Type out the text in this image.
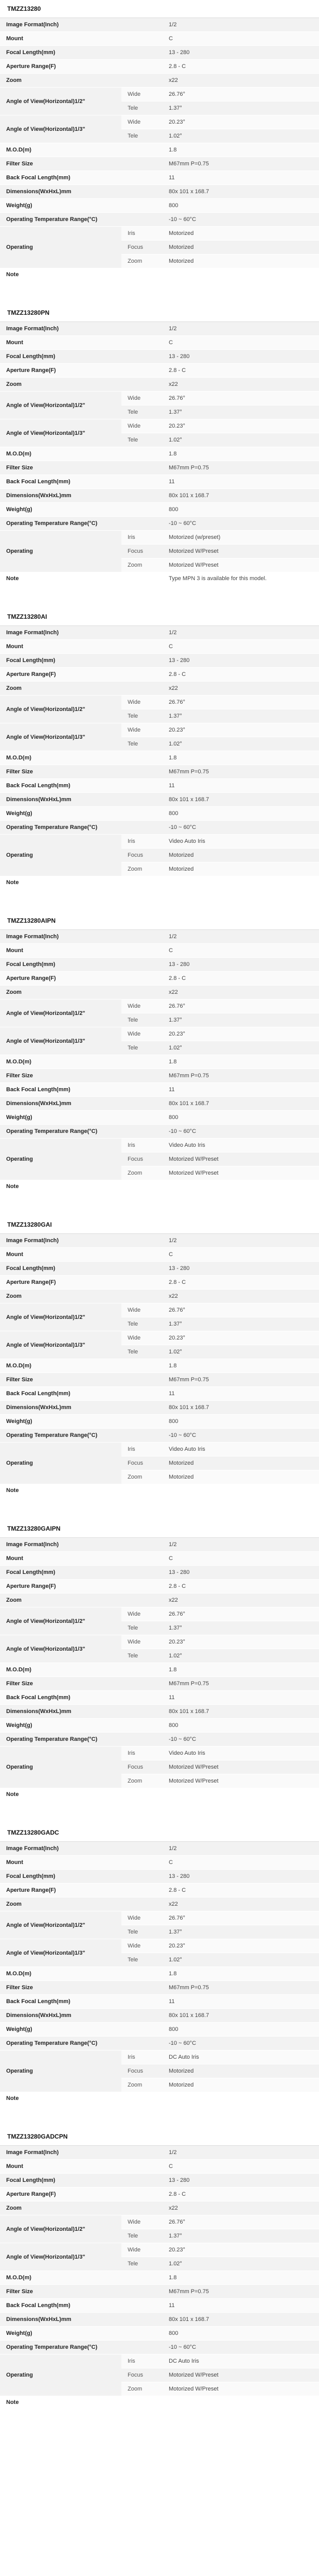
TMZZ13280
Image Format(Inch)		1/2
Mount		C
Focal Length(mm)		13 - 280
Aperture Range(F)		2.8 - C
Zoom		x22
Angle of View(Horizontal)1/2"	Wide	26.76°
	Tele	1.37°
Angle of View(Horizontal)1/3"	Wide	20.23°
	Tele	1.02°
M.O.D(m)		1.8
Filter Size		M67mm P=0.75
Back Focal Length(mm)		11
Dimensions(WxHxL)mm		80x 101 x 168.7
Weight(g)		800
Operating Temperature Range(°C)		-10 ~ 60°C
Operating	Iris	Motorized
	Focus	Motorized
	Zoom	Motorized
Note		
TMZZ13280PN
Image Format(Inch)		1/2
Mount		C
Focal Length(mm)		13 - 280
Aperture Range(F)		2.8 - C
Zoom		x22
Angle of View(Horizontal)1/2"	Wide	26.76°
	Tele	1.37°
Angle of View(Horizontal)1/3"	Wide	20.23°
	Tele	1.02°
M.O.D(m)		1.8
Filter Size		M67mm P=0.75
Back Focal Length(mm)		11
Dimensions(WxHxL)mm		80x 101 x 168.7
Weight(g)		800
Operating Temperature Range(°C)		-10 ~ 60°C
Operating	Iris	Motorized (w/preset)
	Focus	Motorized W/Preset
	Zoom	Motorized W/Preset
Note		Type MPN 3 is available for this model.
TMZZ13280AI
Image Format(Inch)		1/2
Mount		C
Focal Length(mm)		13 - 280
Aperture Range(F)		2.8 - C
Zoom		x22
Angle of View(Horizontal)1/2"	Wide	26.76°
	Tele	1.37°
Angle of View(Horizontal)1/3"	Wide	20.23°
	Tele	1.02°
M.O.D(m)		1.8
Filter Size		M67mm P=0.75
Back Focal Length(mm)		11
Dimensions(WxHxL)mm		80x 101 x 168.7
Weight(g)		800
Operating Temperature Range(°C)		-10 ~ 60°C
Operating	Iris	Video Auto Iris
	Focus	Motorized
	Zoom	Motorized
Note		
TMZZ13280AIPN
Image Format(Inch)		1/2
Mount		C
Focal Length(mm)		13 - 280
Aperture Range(F)		2.8 - C
Zoom		x22
Angle of View(Horizontal)1/2"	Wide	26.76°
	Tele	1.37°
Angle of View(Horizontal)1/3"	Wide	20.23°
	Tele	1.02°
M.O.D(m)		1.8
Filter Size		M67mm P=0.75
Back Focal Length(mm)		11
Dimensions(WxHxL)mm		80x 101 x 168.7
Weight(g)		800
Operating Temperature Range(°C)		-10 ~ 60°C
Operating	Iris	Video Auto Iris
	Focus	Motorized W/Preset
	Zoom	Motorized W/Preset
Note		
TMZZ13280GAI
Image Format(Inch)		1/2
Mount		C
Focal Length(mm)		13 - 280
Aperture Range(F)		2.8 - C
Zoom		x22
Angle of View(Horizontal)1/2"	Wide	26.76°
	Tele	1.37°
Angle of View(Horizontal)1/3"	Wide	20.23°
	Tele	1.02°
M.O.D(m)		1.8
Filter Size		M67mm P=0.75
Back Focal Length(mm)		11
Dimensions(WxHxL)mm		80x 101 x 168.7
Weight(g)		800
Operating Temperature Range(°C)		-10 ~ 60°C
Operating	Iris	Video Auto Iris
	Focus	Motorized
	Zoom	Motorized
Note		
TMZZ13280GAIPN
Image Format(Inch)		1/2
Mount		C
Focal Length(mm)		13 - 280
Aperture Range(F)		2.8 - C
Zoom		x22
Angle of View(Horizontal)1/2"	Wide	26.76°
	Tele	1.37°
Angle of View(Horizontal)1/3"	Wide	20.23°
	Tele	1.02°
M.O.D(m)		1.8
Filter Size		M67mm P=0.75
Back Focal Length(mm)		11
Dimensions(WxHxL)mm		80x 101 x 168.7
Weight(g)		800
Operating Temperature Range(°C)		-10 ~ 60°C
Operating	Iris	Video Auto Iris
	Focus	Motorized W/Preset
	Zoom	Motorized W/Preset
Note		
TMZZ13280GADC
Image Format(Inch)		1/2
Mount		C
Focal Length(mm)		13 - 280
Aperture Range(F)		2.8 - C
Zoom		x22
Angle of View(Horizontal)1/2"	Wide	26.76°
	Tele	1.37°
Angle of View(Horizontal)1/3"	Wide	20.23°
	Tele	1.02°
M.O.D(m)		1.8
Filter Size		M67mm P=0.75
Back Focal Length(mm)		11
Dimensions(WxHxL)mm		80x 101 x 168.7
Weight(g)		800
Operating Temperature Range(°C)		-10 ~ 60°C
Operating	Iris	DC Auto Iris
	Focus	Motorized
	Zoom	Motorized
Note		
TMZZ13280GADCPN
Image Format(Inch)		1/2
Mount		C
Focal Length(mm)		13 - 280
Aperture Range(F)		2.8 - C
Zoom		x22
Angle of View(Horizontal)1/2"	Wide	26.76°
	Tele	1.37°
Angle of View(Horizontal)1/3"	Wide	20.23°
	Tele	1.02°
M.O.D(m)		1.8
Filter Size		M67mm P=0.75
Back Focal Length(mm)		11
Dimensions(WxHxL)mm		80x 101 x 168.7
Weight(g)		800
Operating Temperature Range(°C)		-10 ~ 60°C
Operating	Iris	DC Auto Iris
	Focus	Motorized W/Preset
	Zoom	Motorized W/Preset
Note		
